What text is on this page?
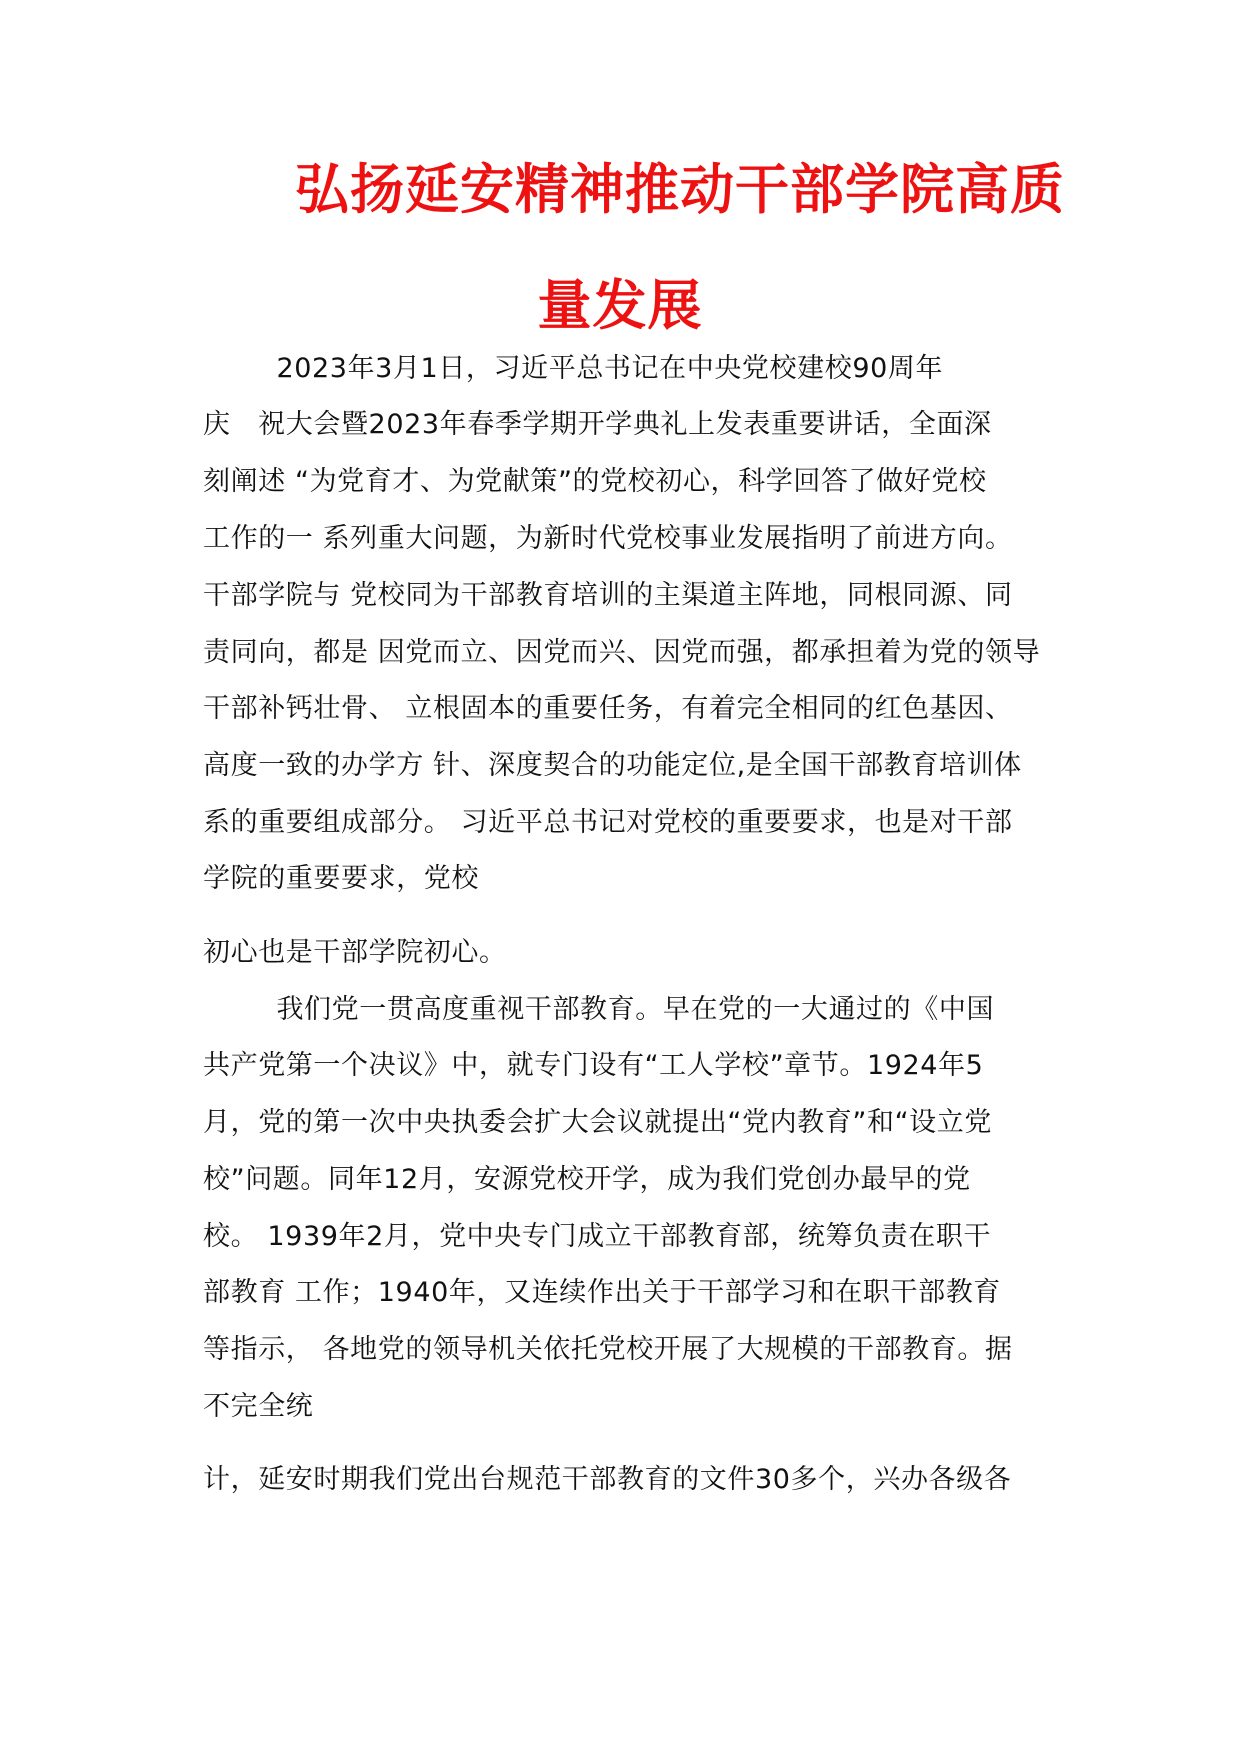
弘扬延安精神推动干部学院高质
量发展
2023年3月1日，习近平总书记在中央党校建校90周年
庆   祝大会暨2023年春季学期开学典礼上发表重要讲话，全面深
刻阐述 “为党育才、为党献策”的党校初心，科学回答了做好党校
工作的一 系列重大问题，为新时代党校事业发展指明了前进方向。
干部学院与 党校同为干部教育培训的主渠道主阵地，同根同源、同
责同向，都是 因党而立、因党而兴、因党而强，都承担着为党的领导
干部补钙壮骨、 立根固本的重要任务，有着完全相同的红色基因、
高度一致的办学方 针、深度契合的功能定位,是全国干部教育培训体
系的重要组成部分。 习近平总书记对党校的重要要求，也是对干部
学院的重要要求，党校
初心也是干部学院初心。
我们党一贯高度重视干部教育。早在党的一大通过的《中国
共产党第一个决议》中，就专门设有“工人学校”章节。1924年5
月，党的第一次中央执委会扩大会议就提出“党内教育”和“设立党
校”问题。同年12月，安源党校开学，成为我们党创办最早的党
校。 1939年2月，党中央专门成立干部教育部，统筹负责在职干
部教育 工作；1940年，又连续作出关于干部学习和在职干部教育
等指示， 各地党的领导机关依托党校开展了大规模的干部教育。据
不完全统
计，延安时期我们党出台规范干部教育的文件30多个，兴办各级各
